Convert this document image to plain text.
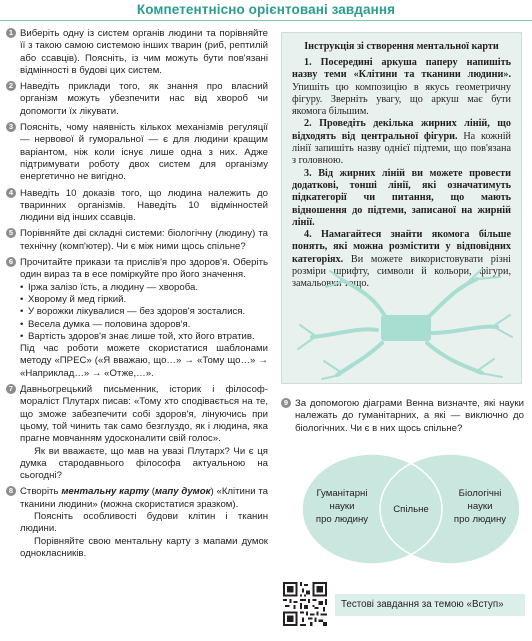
Компетентнісно орієнтовані завдання
1 Виберіть одну із систем органів людини та порівняйте її з такою самою системою інших тварин (риб, рептилій або ссавців). Поясніть, із чим можуть бути пов'язані відмінності в будові цих систем.

2 Наведіть приклади того, як знання про власний організм можуть убезпечити нас від хвороб чи допомогти їх лікувати.

3 Поясніть, чому наявність кількох механізмів регуляції — нервової й гуморальної — є для людини кращим варіантом, ніж коли існує лише одна з них. Адже підтримувати роботу двох систем для організму енергетично не вигідно.

4 Наведіть 10 доказів того, що людина належить до тваринних організмів. Наведіть 10 відмінностей людини від інших ссавців.

5 Порівняйте дві складні системи: біологічну (людину) та технічну (комп'ютер). Чи є між ними щось спільне?

6 Прочитайте прикази та прислів'я про здоров'я. Оберіть один вираз та в есе поміркуйте про його значення.

• Іржа залізо їсть, а людину — хвороба.
• Хворому й мед гіркий.
• У ворожки лікувалися — без здоров'я зосталися.
• Весела думка — половина здоров'я.
• Вартість здоров'я знає лише той, хто його втратив.

Під час роботи можете скористатися шаблонами методу «ПРЕС» («Я вважаю, що…» → «Тому що…» → «Наприклад…» → «Отже,…».

7 Давньогрецький письменник, історик і філософ-мораліст Плутарх писав: «Тому хто сподівається на те, що зможе забезпечити собі здоров'я, лінуючись при цьому, той чинить так само безглуздо, як і людина, яка прагне мовчанням удосконалити свій голос».

Як ви вважаєте, що мав на увазі Плутарх? Чи є ця думка стародавнього філософа актуальною на сьогодні?

8 Створіть ментальну карту (мапу думок) «Клітини та тканини людини» (можна скористатися зразком).

Поясніть особливості будови клітин і тканин людини.

Порівняйте свою ментальну карту з мапами думок однокласників.

Інструкція зі створення ментальної карти

1. Посередині аркуша паперу напишіть назву теми «Клітини та тканини людини». Упишіть цю композицію в якусь геометричну фігуру. Зверніть увагу, що аркуш має бути якомога більшим.

2. Проведіть декілька жирних ліній, що відходять від центральної фігури. На кожній лінії запишіть назву однієї підтеми, що пов'язана з головною.

3. Від жирних ліній ви можете провести додаткові, тонші лінії, які означатимуть підкатегорії чи питання, що мають відношення до підтеми, записаної на жирній лінії.

4. Намагайтеся знайти якомога більше понять, які можна розмістити у відповідних категоріях. Ви можете використовувати різні розміри шрифту, символи й кольори, фігури, замальовки тощо.

9 За допомогою діаграми Венна визначте, які науки належать до гуманітарних, а які — виключно до біологічних. Чи є в них щось спільне?

Гуманітарні
науки
про людину
Спільне
Біологічні
науки
про людину
Тестові завдання за темою «Вступ»
